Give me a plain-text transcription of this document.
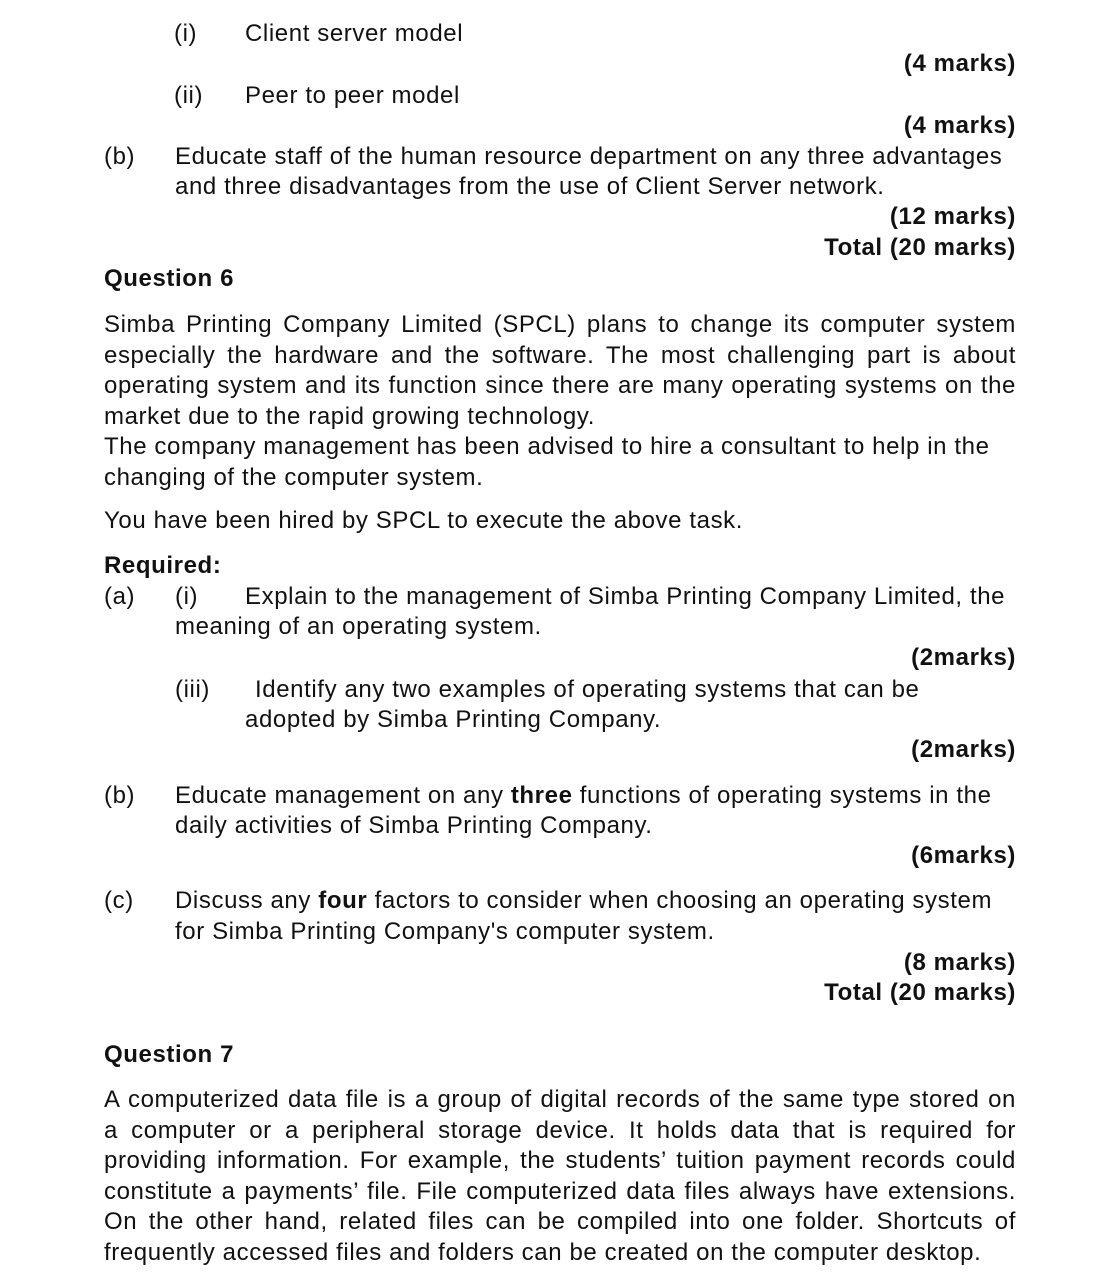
(i) Client server model
(4 marks)
(ii) Peer to peer model
(4 marks)
(b) Educate staff of the human resource department on any three advantages
and three disadvantages from the use of Client Server network.
(12 marks)
Total (20 marks)
Question 6
Simba Printing Company Limited (SPCL) plans to change its computer system
especially the hardware and the software. The most challenging part is about
operating system and its function since there are many operating systems on the
market due to the rapid growing technology.
The company management has been advised to hire a consultant to help in the
changing of the computer system.
You have been hired by SPCL to execute the above task.
Required:
(a) (i) Explain to the management of Simba Printing Company Limited, the
meaning of an operating system.
(2marks)
(iii) Identify any two examples of operating systems that can be
adopted by Simba Printing Company.
(2marks)
(b) Educate management on any three functions of operating systems in the
daily activities of Simba Printing Company.
(6marks)
(c) Discuss any four factors to consider when choosing an operating system
for Simba Printing Company's computer system.
(8 marks)
Total (20 marks)
Question 7
A computerized data file is a group of digital records of the same type stored on
a computer or a peripheral storage device. It holds data that is required for
providing information. For example, the students’ tuition payment records could
constitute a payments’ file. File computerized data files always have extensions.
On the other hand, related files can be compiled into one folder. Shortcuts of
frequently accessed files and folders can be created on the computer desktop.
